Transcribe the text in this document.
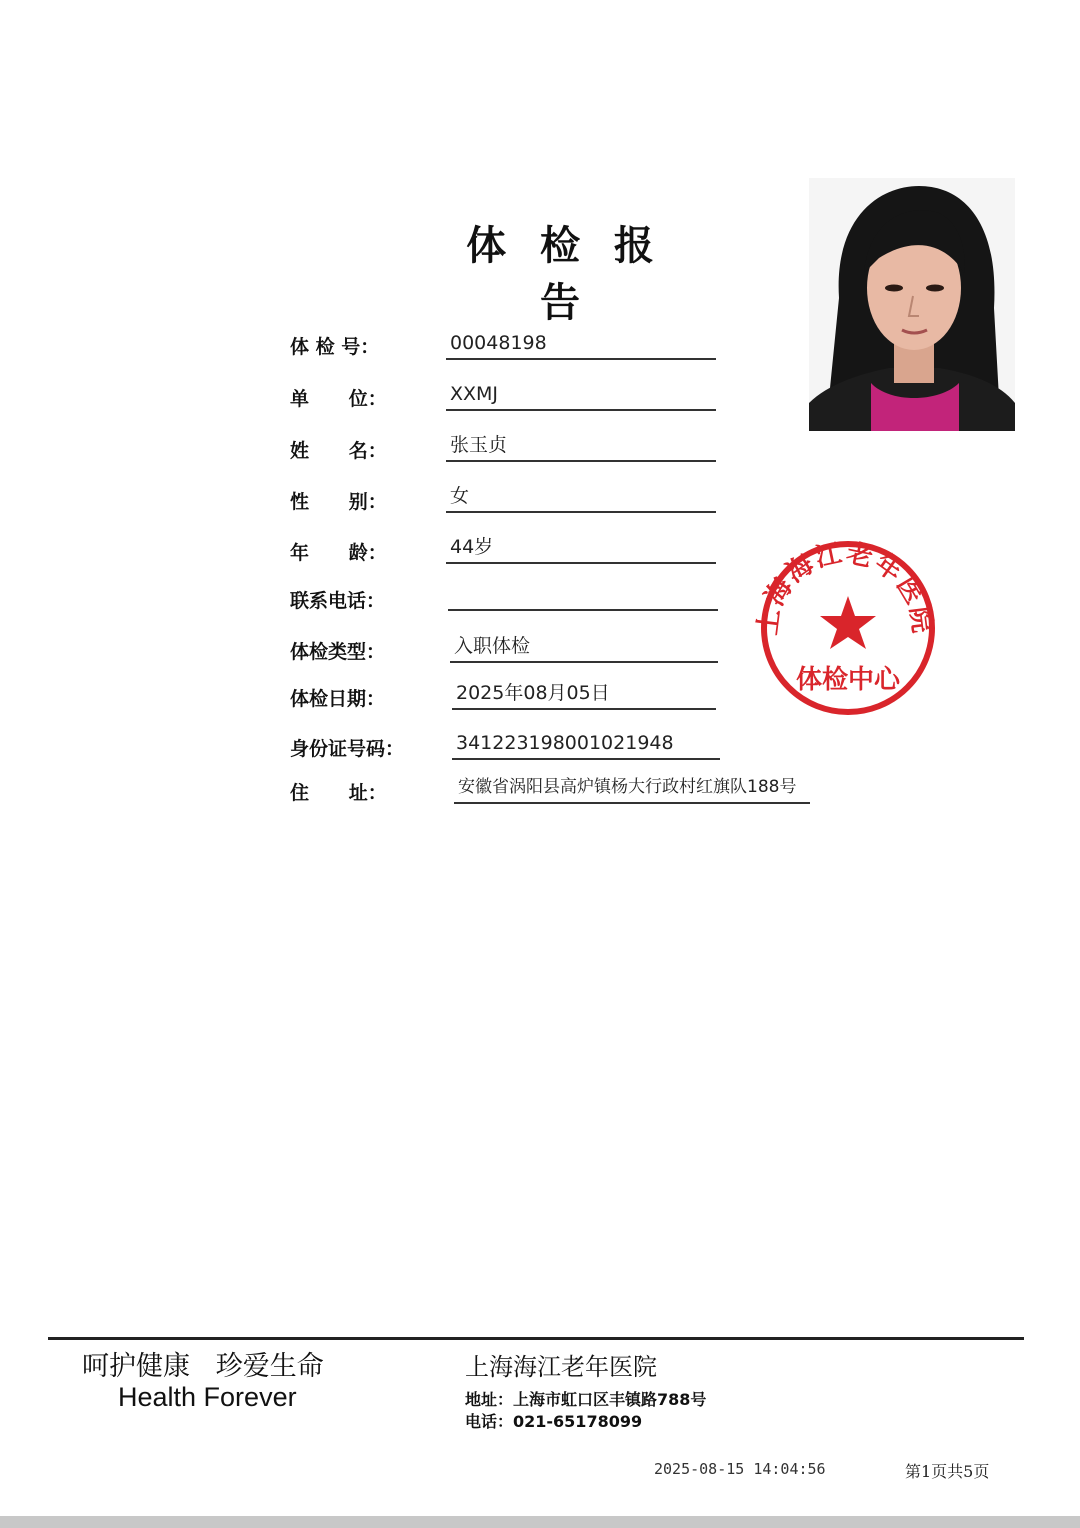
体 检 报 告
体 检 号：	00048198
单      位：	XXMJ
姓      名：	张玉贞
性      别：	女
年      龄：	44岁
联系电话：
体检类型：	入职体检
体检日期：	2025年08月05日
身份证号码：	341223198001021948
住      址：	安徽省涡阳县高炉镇杨大行政村红旗队188号
上海海江老年医院
体检中心
呵护健康   珍爱生命
Health Forever
上海海江老年医院
地址：上海市虹口区丰镇路788号
电话：021-65178099
2025-08-15 14:04:56	第1页共5页
